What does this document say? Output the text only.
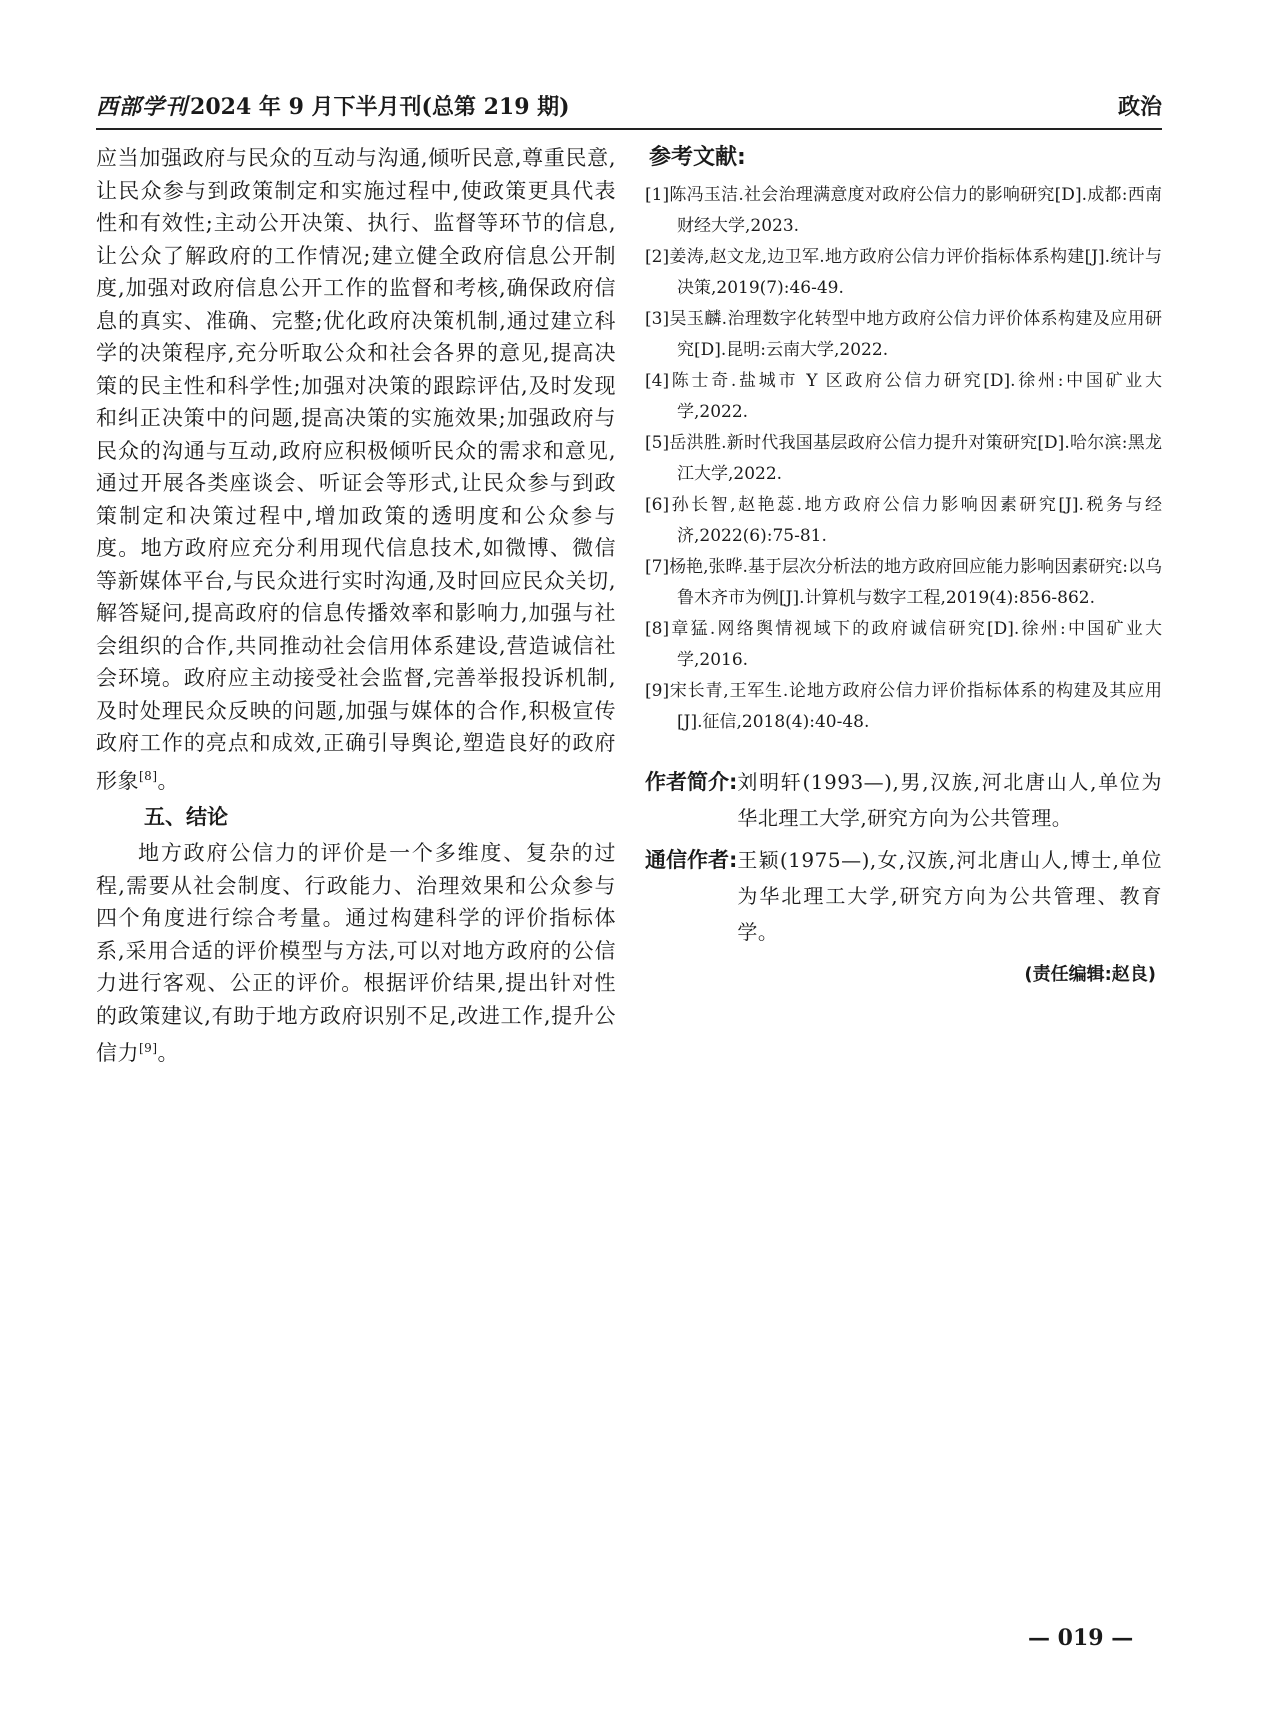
西部学刊2024 年 9 月下半月刊(总第 219 期)	政治

应当加强政府与民众的互动与沟通,倾听民意,尊重民意,让民众参与到政策制定和实施过程中,使政策更具代表性和有效性;主动公开决策、执行、监督等环节的信息,让公众了解政府的工作情况;建立健全政府信息公开制度,加强对政府信息公开工作的监督和考核,确保政府信息的真实、准确、完整;优化政府决策机制,通过建立科学的决策程序,充分听取公众和社会各界的意见,提高决策的民主性和科学性;加强对决策的跟踪评估,及时发现和纠正决策中的问题,提高决策的实施效果;加强政府与民众的沟通与互动,政府应积极倾听民众的需求和意见,通过开展各类座谈会、听证会等形式,让民众参与到政策制定和决策过程中,增加政策的透明度和公众参与度。地方政府应充分利用现代信息技术,如微博、微信等新媒体平台,与民众进行实时沟通,及时回应民众关切,解答疑问,提高政府的信息传播效率和影响力,加强与社会组织的合作,共同推动社会信用体系建设,营造诚信社会环境。政府应主动接受社会监督,完善举报投诉机制,及时处理民众反映的问题,加强与媒体的合作,积极宣传政府工作的亮点和成效,正确引导舆论,塑造良好的政府形象[8]。

五、结论

地方政府公信力的评价是一个多维度、复杂的过程,需要从社会制度、行政能力、治理效果和公众参与四个角度进行综合考量。通过构建科学的评价指标体系,采用合适的评价模型与方法,可以对地方政府的公信力进行客观、公正的评价。根据评价结果,提出针对性的政策建议,有助于地方政府识别不足,改进工作,提升公信力[9]。

参考文献:
[1]陈冯玉洁.社会治理满意度对政府公信力的影响研究[D].成都:西南财经大学,2023.
[2]姜涛,赵文龙,边卫军.地方政府公信力评价指标体系构建[J].统计与决策,2019(7):46-49.
[3]吴玉麟.治理数字化转型中地方政府公信力评价体系构建及应用研究[D].昆明:云南大学,2022.
[4]陈士奇.盐城市 Y 区政府公信力研究[D].徐州:中国矿业大学,2022.
[5]岳洪胜.新时代我国基层政府公信力提升对策研究[D].哈尔滨:黑龙江大学,2022.
[6]孙长智,赵艳蕊.地方政府公信力影响因素研究[J].税务与经济,2022(6):75-81.
[7]杨艳,张晔.基于层次分析法的地方政府回应能力影响因素研究:以乌鲁木齐市为例[J].计算机与数字工程,2019(4):856-862.
[8]章猛.网络舆情视域下的政府诚信研究[D].徐州:中国矿业大学,2016.
[9]宋长青,王军生.论地方政府公信力评价指标体系的构建及其应用[J].征信,2018(4):40-48.
作者简介: 刘明轩(1993—),男,汉族,河北唐山人,单位为华北理工大学,研究方向为公共管理。
通信作者: 王颖(1975—),女,汉族,河北唐山人,博士,单位为华北理工大学,研究方向为公共管理、教育学。
(责任编辑:赵良)
— 019 —
